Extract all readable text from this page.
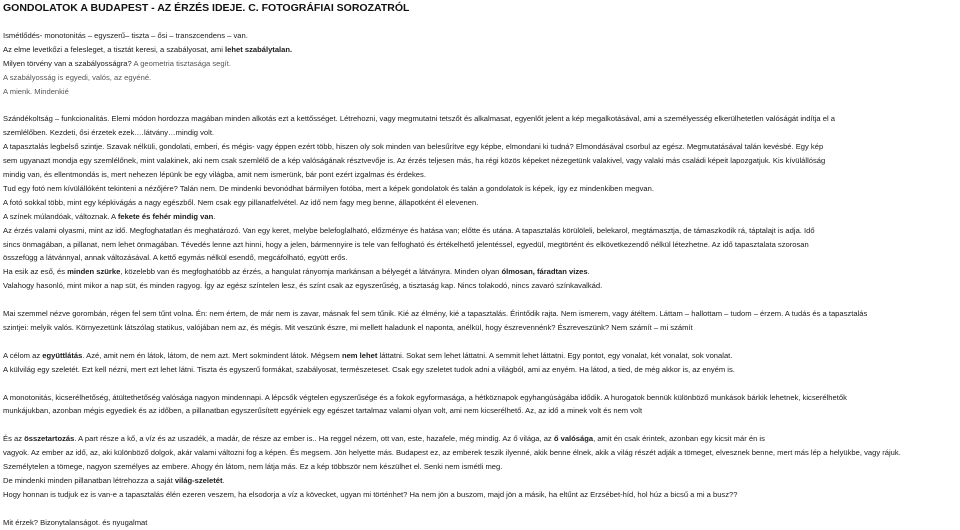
GONDOLATOK A BUDAPEST - AZ ÉRZÉS IDEJE. C. FOTOGRÁFIAI SOROZATRÓL

Ismétlődés- monotonitás – egyszerű– tiszta – ősi – transzcendens – van.

Az elme levetkőzi a felesleget, a tisztát keresi, a szabályosat, ami lehet szabálytalan.

Milyen törvény van a szabályosságra? A geometria tisztasága segít.

A szabályosság is egyedi, valós, az egyéné.

A mienk. Mindenkié

Szándékoltság – funkcionalitás. Elemi módon hordozza magában minden alkotás ezt a kettősséget. Létrehozni, vagy megmutatni tetszőt és alkalmasat, egyenlőt jelent a kép megalkotásával, ami a személyesség elkerülhetetlen valóságát indítja el a

szemlélőben. Kezdeti, ősi érzetek ezek.…látvány…mindig volt.

A tapasztalás legbelső szintje. Szavak nélküli, gondolati, emberi, és mégis- vagy éppen ezért több, hiszen oly sok minden van belesűrítve egy képbe, elmondani ki tudná? Elmondásával csorbul az egész. Megmutatásával talán kevésbé. Egy kép

sem ugyanazt mondja egy szemlélőnek, mint valakinek, aki nem csak szemlélő de a kép valóságának résztvevője is. Az érzés teljesen más, ha régi közös képeket nézegetünk valakivel, vagy valaki más családi képeit lapozgatjuk. Kis kívülállóság

mindig van, és ellentmondás is, mert nehezen lépünk be egy világba, amit nem ismerünk, bár pont ezért izgalmas és érdekes.

Tud egy fotó nem kívülállóként tekinteni a nézőjére? Talán nem. De mindenki bevonódhat bármilyen fotóba, mert a képek gondolatok és talán a gondolatok is képek, így ez mindenkiben megvan.

A fotó sokkal több, mint egy képkivágás a nagy egészből. Nem csak egy pillanatfelvétel. Az idő nem fagy meg benne, állapotként él elevenen.

A színek múlandóak, változnak. A fekete és fehér mindig van.

Az érzés valami olyasmi, mint az idő. Megfoghatatlan és meghatározó. Van egy keret, melybe belefoglalható, előzménye és hatása van; előtte és utána. A tapasztalás körülöleli, belekarol, megtámasztja, de támaszkodik rá, táptalajt is adja. Idő

sincs önmagában, a pillanat, nem lehet önmagában. Tévedés lenne azt hinni, hogy a jelen, bármennyire is tele van felfogható és értékelhető jelentéssel, egyedül, megtörtént és elkövetkezendő nélkül létezhetne. Az idő tapasztalata szorosan

összefügg a látvánnyal, annak változásával. A kettő egymás nélkül esendő, megcáfolható, együtt erős.

Ha esik az eső, és minden szürke, közelebb van és megfoghatóbb az érzés, a hangulat rányomja markánsan a bélyegét a látványra. Minden olyan ólmosan, fáradtan vizes.

Valahogy hasonló, mint mikor a nap süt, és minden ragyog. Így az egész színtelen lesz, és színt csak az egyszerűség, a tisztaság kap. Nincs tolakodó, nincs zavaró színkavalkád.

Mai szemmel nézve gorombán, régen fel sem tűnt volna. Én: nem értem, de már nem is zavar, másnak fel sem tűnik. Kié az élmény, kié a tapasztalás. Érintődik rajta. Nem ismerem, vagy átéltem. Láttam – hallottam – tudom – érzem. A tudás és a tapasztalás

szintjei: melyik valós. Környezetünk látszólag statikus, valójában nem az, és mégis. Mit veszünk észre, mi mellett haladunk el napontа, anélkül, hogy észrevennénk? Észreveszünk? Nem számít – mi számít

A célom az együttlátás. Azé, amit nem én látok, látom, de nem azt. Mert sokmindent látok. Mégsem nem lehet láttatni. Sokat sem lehet láttatni. A semmit lehet láttatni. Egy pontot, egy vonalat, két vonalat, sok vonalat.

A külvilág egy szeletét. Ezt kell nézni, mert ezt lehet látni. Tiszta és egyszerű formákat, szabályosat, természeteset. Csak egy szeletet tudok adni a világból, ami az enyém. Ha látod, a tied, de még akkor is, az enyém is.

A monotonitás, kicserélhetőség, átültethetőség valósága nagyon mindennapi. A lépcsők végtelen egyszerűsége és a fokok egyformasága, a hétköznapok egyhangúságába idődik. A hurogatok bennük különböző munkások bárkik lehetnek, kicserélhetők

munkájukban, azonban mégis egyediek és az időben, a pillanatban egyszerűsített egyéniek egy egészet tartalmaz valami olyan volt, ami nem kicserélhető. Az, az idő a minek volt és nem volt

És az összetartozás. A part része a kő, a víz és az uszadék, a madár, de része az ember is.. Ha reggel nézem, ott van, este, hazafele, még mindig. Az ő világa, az ő valósága, amit én csak érintek, azonban egy kicsit már én is

vagyok. Az ember az idő, az, aki különböző dolgok, akár valami változni fog a képen. És megsem. Jön helyette más. Budapest ez, az emberek teszik ilyenné, akik benne élnek, akik a világ részét adják a tömeget, elvesznek benne, mert más lép a helyükbe, vagy rájuk.

Személytelen a tömege, nagyon személyes az embere. Ahogy én látom, nem látja más. Ez a kép többször nem készülhet el. Senki nem ismétli meg.

De mindenki minden pillanatban létrehozza a saját világ-szeletét.

Hogy honnan is tudjuk ez is van-e a tapasztalás élén ezeren veszem, ha elsodorja a víz a kövecket, ugyan mi történhet? Ha nem jön a buszom, majd jön a másik, ha eltűnt az Erzsébet-híd, hol húz a bicsű a mi a busz??

Mit érzek? Bizonytalanságot. és nyugalmat
